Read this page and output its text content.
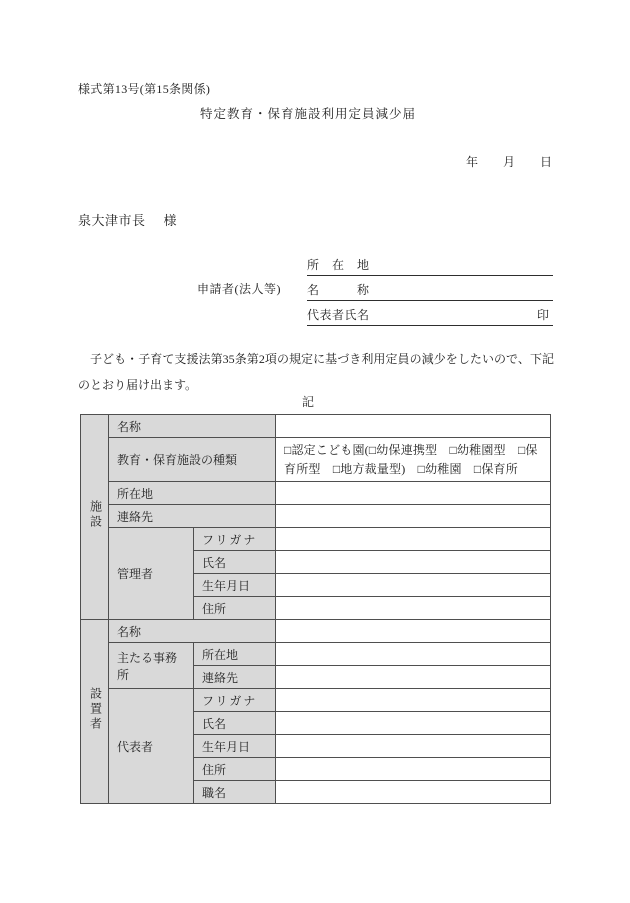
様式第13号(第15条関係)
特定教育・保育施設利用定員減少届
年 月 日
泉大津市長 様
申請者(法人等)
所在地
名称
代表者氏名	印

子ども・子育て支援法第35条第2項の規定に基づき利用定員の減少をしたいので、下記のとおり届け出ます。

記
施設	名称		
	教育・保育施設の種類		□認定こども園(□幼保連携型　□幼稚園型　□保育所型　□地方裁量型)　□幼稚園　□保育所
	所在地		
	連絡先		
	管理者	フリガナ	
		氏名	
		生年月日	
		住所	
設置者	名称		
	主たる事務所	所在地	
		連絡先	
	代表者	フリガナ	
		氏名	
		生年月日	
		住所	
		職名	
